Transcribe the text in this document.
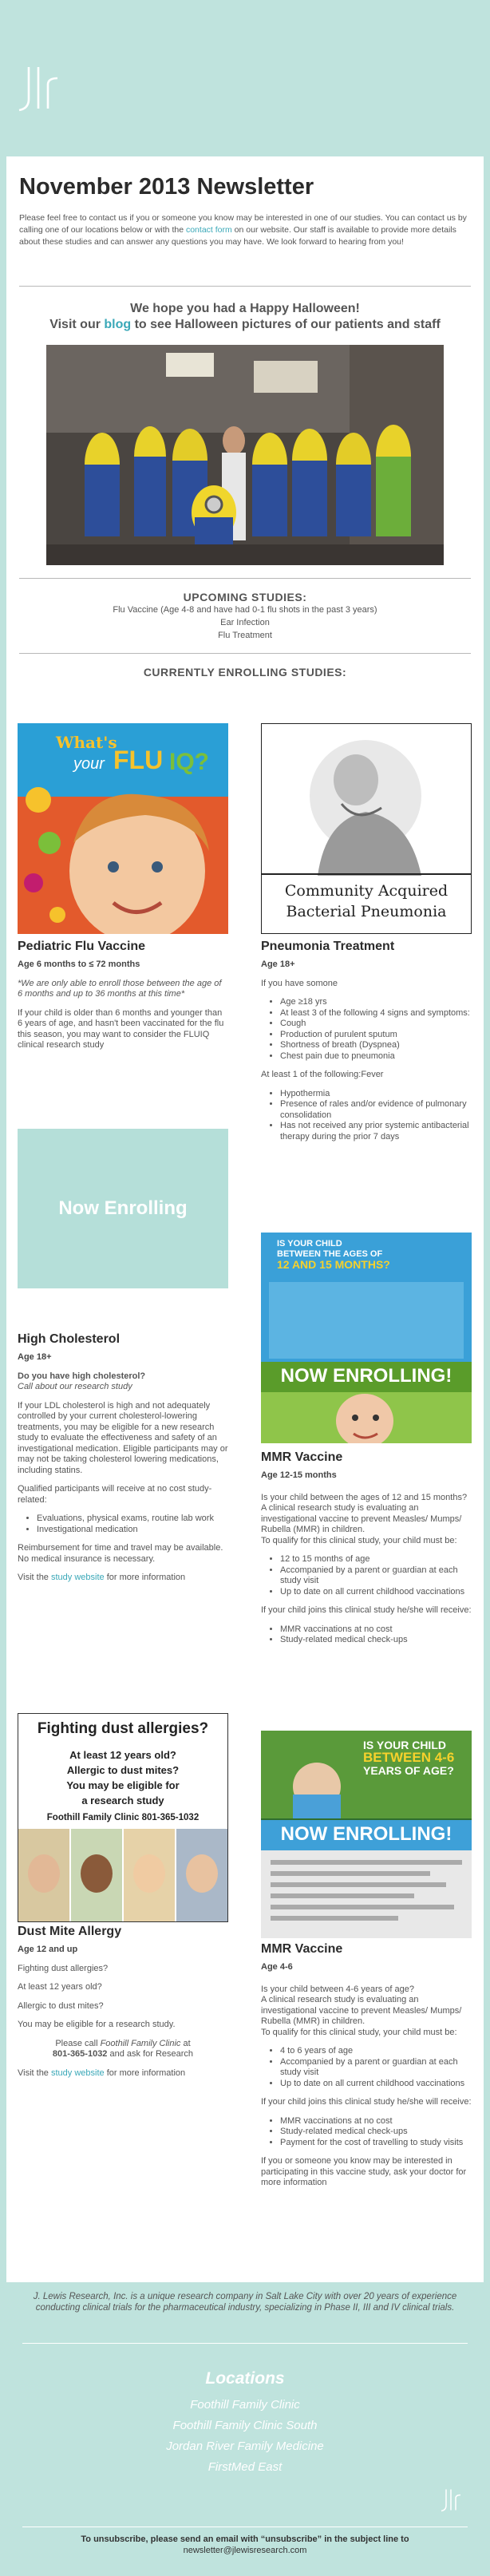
November 2013 Newsletter
Please feel free to contact us if you or someone you know may be interested in one of our studies. You can contact us by calling one of our locations below or with the contact form on our website. Our staff is available to provide more details about these studies and can answer any questions you may have. We look forward to hearing from you!
We hope you had a Happy Halloween!
Visit our blog to see Halloween pictures of our patients and staff
UPCOMING STUDIES:
Flu Vaccine (Age 4-8 and have had 0-1 flu shots in the past 3 years)
Ear Infection
Flu Treatment
CURRENTLY ENROLLING STUDIES:
What's
your FLU IQ?
Pediatric Flu Vaccine
Age 6 months to ≤ 72 months

*We are only able to enroll those between the age of 6 months and up to 36 months at this time*

If your child is older than 6 months and younger than 6 years of age, and hasn't been vaccinated for the flu this season, you may want to consider the FLUIQ clinical research study

Community Acquired
Bacterial Pneumonia
Pneumonia Treatment
Age 18+

If you have somone

• Age ≥18 yrs
• At least 3 of the following 4 signs and symptoms:
• Cough
• Production of purulent sputum
• Shortness of breath (Dyspnea)
• Chest pain due to pneumonia

At least 1 of the following:Fever

• Hypothermia
• Presence of rales and/or evidence of pulmonary consolidation
• Has not received any prior systemic antibacterial therapy during the prior 7 days
Now Enrolling
High Cholesterol
Age 18+
Do you have high cholesterol?

Call about our research study

If your LDL cholesterol is high and not adequately controlled by your current cholesterol-lowering treatments, you may be eligible for a new research study to evaluate the effectiveness and safety of an investigational medication. Eligible participants may or may not be taking cholesterol lowering medications, including statins.

Qualified participants will receive at no cost study-related:

• Evaluations, physical exams, routine lab work
• Investigational medication

Reimbursement for time and travel may be available. No medical insurance is necessary.

Visit the study website for more information

IS YOUR CHILD
BETWEEN THE AGES OF
12 AND 15 MONTHS?
NOW ENROLLING!
MMR Vaccine
Age 12-15 months

Is your child between the ages of 12 and 15 months?
A clinical research study is evaluating an investigational vaccine to prevent Measles/ Mumps/ Rubella (MMR) in children.
To qualify for this clinical study, your child must be:

• 12 to 15 months of age
• Accompanied by a parent or guardian at each study visit
• Up to date on all current childhood vaccinations

If your child joins this clinical study he/she will receive:

• MMR vaccinations at no cost
• Study-related medical check-ups
Fighting dust allergies?
At least 12 years old?
Allergic to dust mites?
You may be eligible for
a research study
Foothill Family Clinic 801-365-1032
Dust Mite Allergy
Age 12 and up

Fighting dust allergies?

At least 12 years old?

Allergic to dust mites?

You may be eligible for a research study.

Please call Foothill Family Clinic at
801-365-1032 and ask for Research

Visit the study website for more information

IS YOUR CHILD
BETWEEN 4-6
YEARS OF AGE?
NOW ENROLLING!
MMR Vaccine
Age 4-6

Is your child between 4-6 years of age?
A clinical research study is evaluating an investigational vaccine to prevent Measles/ Mumps/ Rubella (MMR) in children.
To qualify for this clinical study, your child must be:

• 4 to 6 years of age
• Accompanied by a parent or guardian at each study visit
• Up to date on all current childhood vaccinations

If your child joins this clinical study he/she will receive:

• MMR vaccinations at no cost
• Study-related medical check-ups
• Payment for the cost of travelling to study visits

If you or someone you know may be interested in participating in this vaccine study, ask your doctor for more information

J. Lewis Research, Inc. is a unique research company in Salt Lake City with over 20 years of experience conducting clinical trials for the pharmaceutical industry, specializing in Phase II, III and IV clinical trials.
Locations
Foothill Family Clinic
Foothill Family Clinic South
Jordan River Family Medicine
FirstMed East
To unsubscribe, please send an email with “unsubscribe” in the subject line to
newsletter@jlewisresearch.com
